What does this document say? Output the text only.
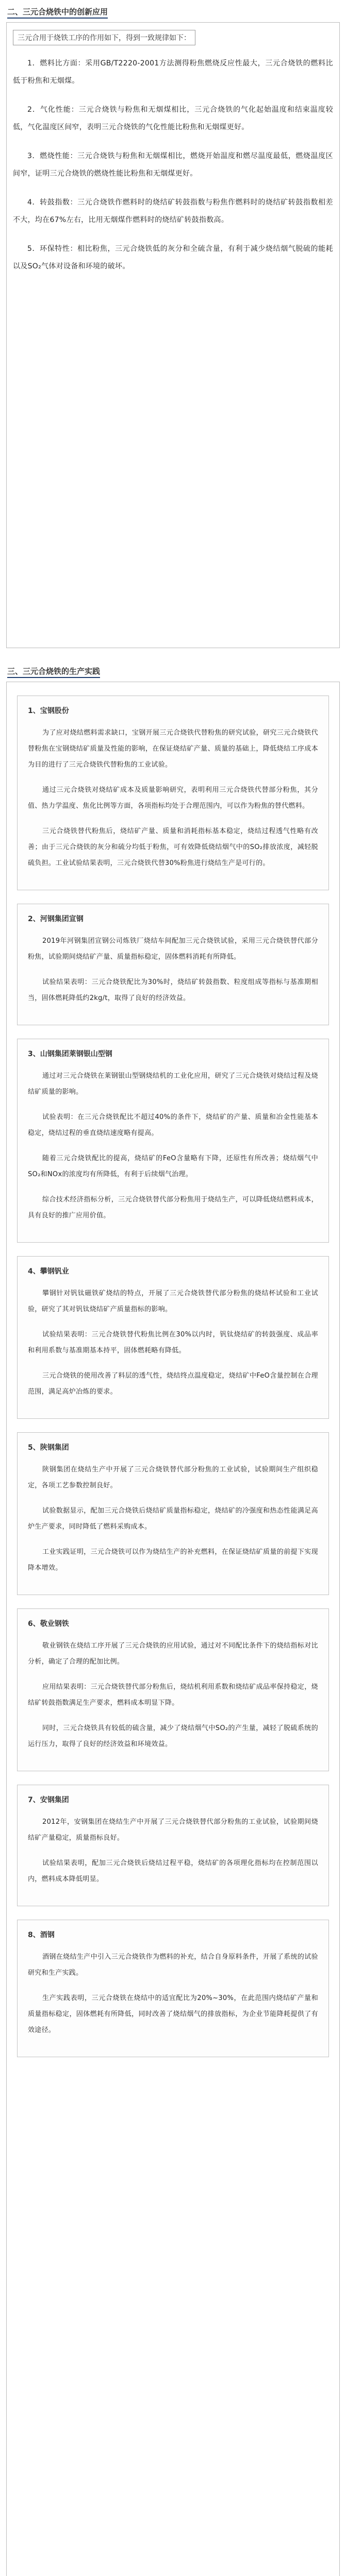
二、三元合烧铁中的创新应用
三元合用于烧铁工序的作用如下，得到一致规律如下：

1．燃料比方面：采用GB/T2220-2001方法测得粉焦燃烧反应性最大，三元合烧铁的燃料比低于粉焦和无烟煤。

2．气化性能：三元合烧铁与粉焦和无烟煤相比，三元合烧铁的气化起始温度和结束温度较低，气化温度区间窄，表明三元合烧铁的气化性能比粉焦和无烟煤更好。

3．燃烧性能：三元合烧铁与粉焦和无烟煤相比，燃烧开始温度和燃尽温度最低，燃烧温度区间窄，证明三元合烧铁的燃烧性能比粉焦和无烟煤更好。

4．转鼓指数：三元合烧铁作燃料时的烧结矿转鼓指数与粉焦作燃料时的烧结矿转鼓指数相差不大，均在67%左右，比用无烟煤作燃料时的烧结矿转鼓指数高。

5．环保特性：相比粉焦，三元合烧铁低的灰分和全硫含量，有利于减少烧结烟气脱硫的能耗以及SO₂气体对设备和环境的破坏。

三、三元合烧铁的生产实践
1、宝钢股份

为了应对烧结燃料需求缺口，宝钢开展三元合烧铁代替粉焦的研究试验，研究三元合烧铁代替粉焦在宝钢烧结矿质量及性能的影响，在保证烧结矿产量、质量的基础上，降低烧结工序成本为目的进行了三元合烧铁代替粉焦的工业试验。

通过三元合烧铁对烧结矿成本及质量影响研究，表明利用三元合烧铁代替部分粉焦，其分值、热力学温度、焦化比例等方面，各项指标均处于合理范围内，可以作为粉焦的替代燃料。

三元合烧铁替代粉焦后，烧结矿产量、质量和消耗指标基本稳定，烧结过程透气性略有改善；由于三元合烧铁的灰分和硫分均低于粉焦，可有效降低烧结烟气中的SO₂排放浓度，减轻脱硫负担。工业试验结果表明，三元合烧铁代替30%粉焦进行烧结生产是可行的。

2、河钢集团宣钢

2019年河钢集团宣钢公司炼铁厂烧结车间配加三元合烧铁试验，采用三元合烧铁替代部分粉焦，试验期间烧结矿产量、质量指标稳定，固体燃料消耗有所降低。

试验结果表明：三元合烧铁配比为30%时，烧结矿转鼓指数、粒度组成等指标与基准期相当，固体燃耗降低约2kg/t，取得了良好的经济效益。

3、山钢集团莱钢银山型钢

通过对三元合烧铁在莱钢银山型钢烧结机的工业化应用，研究了三元合烧铁对烧结过程及烧结矿质量的影响。

试验表明：在三元合烧铁配比不超过40%的条件下，烧结矿的产量、质量和冶金性能基本稳定，烧结过程的垂直烧结速度略有提高。

随着三元合烧铁配比的提高，烧结矿的FeO含量略有下降，还原性有所改善；烧结烟气中SO₂和NOx的浓度均有所降低，有利于后续烟气治理。

综合技术经济指标分析，三元合烧铁替代部分粉焦用于烧结生产，可以降低烧结燃料成本，具有良好的推广应用价值。

4、攀钢钒业

攀钢针对钒钛磁铁矿烧结的特点，开展了三元合烧铁替代部分粉焦的烧结杯试验和工业试验，研究了其对钒钛烧结矿产质量指标的影响。

试验结果表明：三元合烧铁替代粉焦比例在30%以内时，钒钛烧结矿的转鼓强度、成品率和利用系数与基准期基本持平，固体燃耗略有降低。

三元合烧铁的使用改善了料层的透气性，烧结终点温度稳定，烧结矿中FeO含量控制在合理范围，满足高炉冶炼的要求。

5、陕钢集团

陕钢集团在烧结生产中开展了三元合烧铁替代部分粉焦的工业试验，试验期间生产组织稳定，各项工艺参数控制良好。

试验数据显示，配加三元合烧铁后烧结矿质量指标稳定，烧结矿的冷强度和热态性能满足高炉生产要求，同时降低了燃料采购成本。

工业实践证明，三元合烧铁可以作为烧结生产的补充燃料，在保证烧结矿质量的前提下实现降本增效。

6、敬业钢铁

敬业钢铁在烧结工序开展了三元合烧铁的应用试验，通过对不同配比条件下的烧结指标对比分析，确定了合理的配加比例。

应用结果表明：三元合烧铁替代部分粉焦后，烧结机利用系数和烧结矿成品率保持稳定，烧结矿转鼓指数满足生产要求，燃料成本明显下降。

同时，三元合烧铁具有较低的硫含量，减少了烧结烟气中SO₂的产生量，减轻了脱硫系统的运行压力，取得了良好的经济效益和环境效益。

7、安钢集团

2012年，安钢集团在烧结生产中开展了三元合烧铁替代部分粉焦的工业试验，试验期间烧结矿产量稳定，质量指标良好。

试验结果表明，配加三元合烧铁后烧结过程平稳，烧结矿的各项理化指标均在控制范围以内，燃料成本降低明显。

8、酒钢

酒钢在烧结生产中引入三元合烧铁作为燃料的补充，结合自身原料条件，开展了系统的试验研究和生产实践。

生产实践表明，三元合烧铁在烧结中的适宜配比为20%~30%，在此范围内烧结矿产量和质量指标稳定，固体燃耗有所降低，同时改善了烧结烟气的排放指标，为企业节能降耗提供了有效途径。
